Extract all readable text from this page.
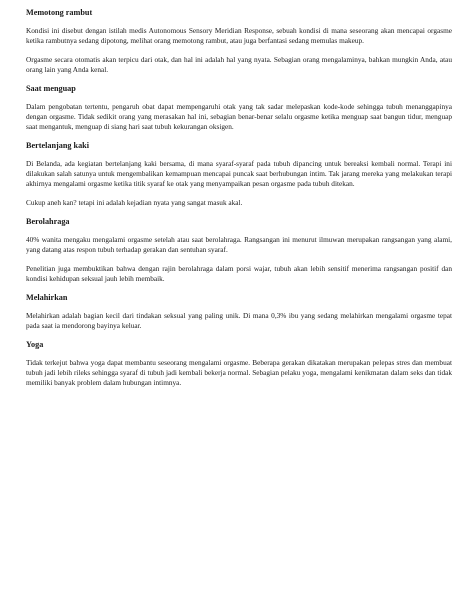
Memotong rambut

Kondisi ini disebut dengan istilah medis Autonomous Sensory Meridian Response, sebuah kondisi di mana seseorang akan mencapai orgasme ketika rambutnya sedang dipotong, melihat orang memotong rambut, atau juga berfantasi sedang memulas makeup.

Orgasme secara otomatis akan terpicu dari otak, dan hal ini adalah hal yang nyata. Sebagian orang mengalaminya, bahkan mungkin Anda, atau orang lain yang Anda kenal.

Saat menguap

Dalam pengobatan tertentu, pengaruh obat dapat mempengaruhi otak yang tak sadar melepaskan kode-kode sehingga tubuh menanggapinya dengan orgasme. Tidak sedikit orang yang merasakan hal ini, sebagian benar-benar selalu orgasme ketika menguap saat bangun tidur, menguap saat mengantuk, menguap di siang hari saat tubuh kekurangan oksigen.

Bertelanjang kaki

Di Belanda, ada kegiatan bertelanjang kaki bersama, di mana syaraf-syaraf pada tubuh dipancing untuk bereaksi kembali normal. Terapi ini dilakukan salah satunya untuk mengembalikan kemampuan mencapai puncak saat berhubungan intim. Tak jarang mereka yang melakukan terapi akhirnya mengalami orgasme ketika titik syaraf ke otak yang menyampaikan pesan orgasme pada tubuh ditekan.

Cukup aneh kan? tetapi ini adalah kejadian nyata yang sangat masuk akal.

Berolahraga

40% wanita mengaku mengalami orgasme setelah atau saat berolahraga. Rangsangan ini menurut ilmuwan merupakan rangsangan yang alami, yang datang atas respon tubuh terhadap gerakan dan sentuhan syaraf.

Penelitian juga membuktikan bahwa dengan rajin berolahraga dalam porsi wajar, tubuh akan lebih sensitif menerima rangsangan positif dan kondisi kehidupan seksual jauh lebih membaik.

Melahirkan

Melahirkan adalah bagian kecil dari tindakan seksual yang paling unik. Di mana 0,3% ibu yang sedang melahirkan mengalami orgasme tepat pada saat ia mendorong bayinya keluar.

Yoga

Tidak terkejut bahwa yoga dapat membantu seseorang mengalami orgasme. Beberapa gerakan dikatakan merupakan pelepas stres dan membuat tubuh jadi lebih rileks sehingga syaraf di tubuh jadi kembali bekerja normal. Sebagian pelaku yoga, mengalami kenikmatan dalam seks dan tidak memiliki banyak problem dalam hubungan intimnya.
